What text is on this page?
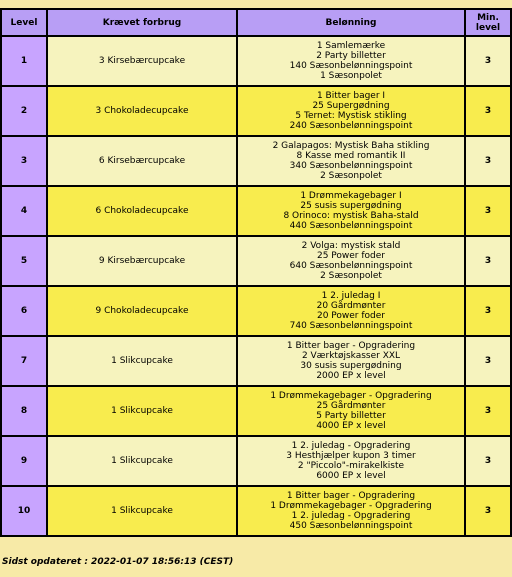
Level	Krævet forbrug	Belønning	Min. level
1	3 Kirsebærcupcake	1 Samlemærke
2 Party billetter
140 Sæsonbelønningspoint
1 Sæsonpolet	3
2	3 Chokoladecupcake	1 Bitter bager I
25 Supergødning
5 Ternet: Mystisk stikling
240 Sæsonbelønningspoint	3
3	6 Kirsebærcupcake	2 Galapagos: Mystisk Baha stikling
8 Kasse med romantik II
340 Sæsonbelønningspoint
2 Sæsonpolet	3
4	6 Chokoladecupcake	1 Drømmekagebager I
25 susis supergødning
8 Orinoco: mystisk Baha-stald
440 Sæsonbelønningspoint	3
5	9 Kirsebærcupcake	2 Volga: mystisk stald
25 Power foder
640 Sæsonbelønningspoint
2 Sæsonpolet	3
6	9 Chokoladecupcake	1 2. juledag I
20 Gårdmønter
20 Power foder
740 Sæsonbelønningspoint	3
7	1 Slikcupcake	1 Bitter bager - Opgradering
2 Værktøjskasser XXL
30 susis supergødning
2000 EP x level	3
8	1 Slikcupcake	1 Drømmekagebager - Opgradering
25 Gårdmønter
5 Party billetter
4000 EP x level	3
9	1 Slikcupcake	1 2. juledag - Opgradering
3 Hesthjælper kupon 3 timer
2 "Piccolo"-mirakelkiste
6000 EP x level	3
10	1 Slikcupcake	1 Bitter bager - Opgradering
1 Drømmekagebager - Opgradering
1 2. juledag - Opgradering
450 Sæsonbelønningspoint	3
Sidst opdateret : 2022-01-07 18:56:13 (CEST)
